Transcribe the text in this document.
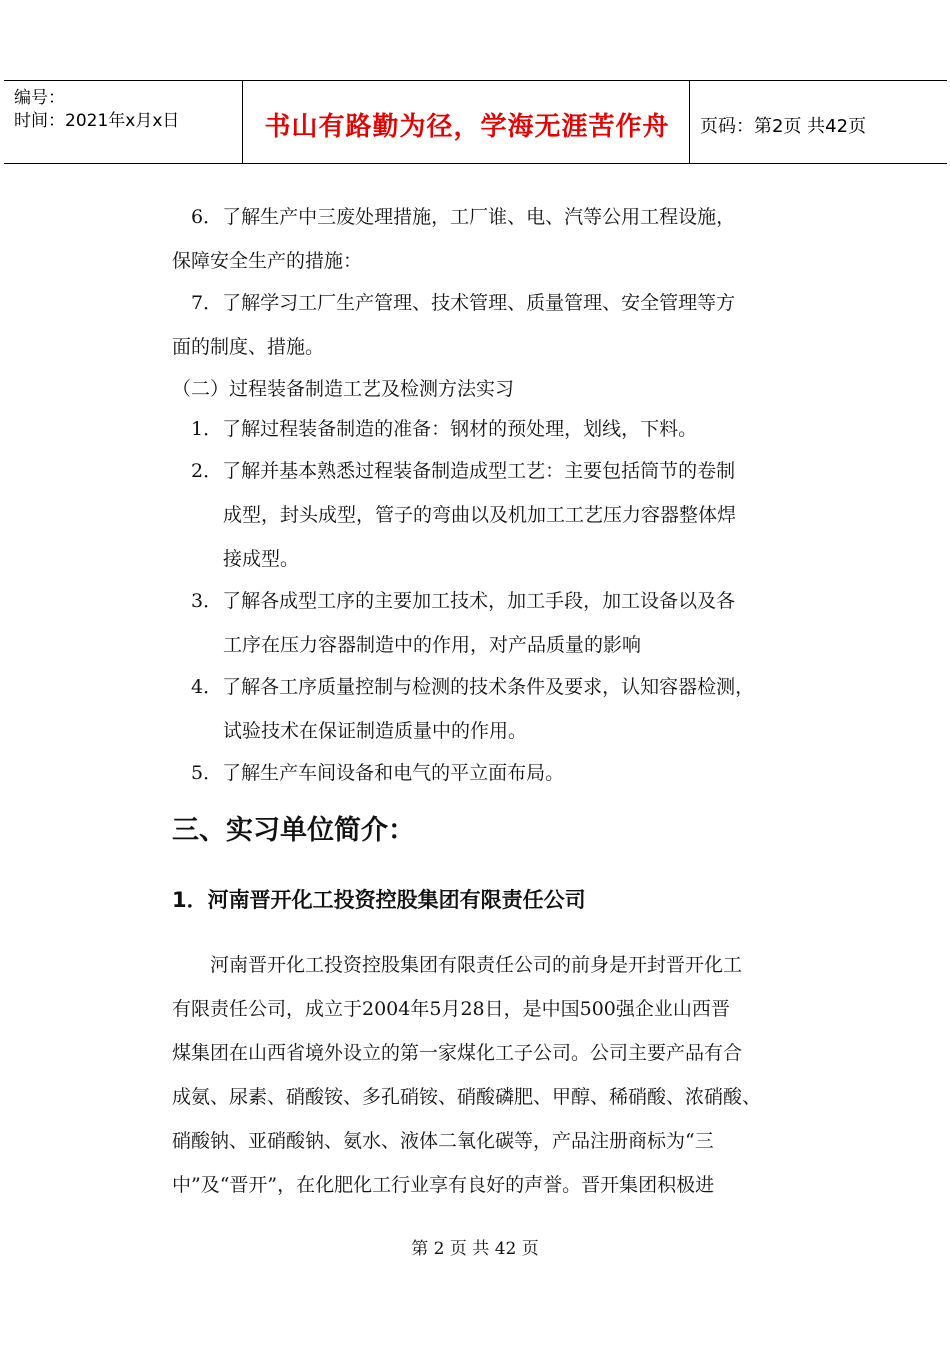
编号：
时间：2021年x月x日	书山有路勤为径，学海无涯苦作舟	页码：第2页 共42页
6．了解生产中三废处理措施，工厂谁、电、汽等公用工程设施，
保障安全生产的措施：
7．了解学习工厂生产管理、技术管理、质量管理、安全管理等方
面的制度、措施。
（二）过程装备制造工艺及检测方法实习
1．了解过程装备制造的准备：钢材的预处理，划线，下料。
2．了解并基本熟悉过程装备制造成型工艺：主要包括筒节的卷制
成型，封头成型，管子的弯曲以及机加工工艺压力容器整体焊
接成型。
3．了解各成型工序的主要加工技术，加工手段，加工设备以及各
工序在压力容器制造中的作用，对产品质量的影响
4．了解各工序质量控制与检测的技术条件及要求，认知容器检测，
试验技术在保证制造质量中的作用。
5．了解生产车间设备和电气的平立面布局。
三、实习单位简介：
1．河南晋开化工投资控股集团有限责任公司
河南晋开化工投资控股集团有限责任公司的前身是开封晋开化工
有限责任公司，成立于2004年5月28日，是中国500强企业山西晋
煤集团在山西省境外设立的第一家煤化工子公司。公司主要产品有合
成氨、尿素、硝酸铵、多孔硝铵、硝酸磷肥、甲醇、稀硝酸、浓硝酸、
硝酸钠、亚硝酸钠、氨水、液体二氧化碳等，产品注册商标为“三
中”及“晋开”，在化肥化工行业享有良好的声誉。晋开集团积极进
第 2 页 共 42 页
